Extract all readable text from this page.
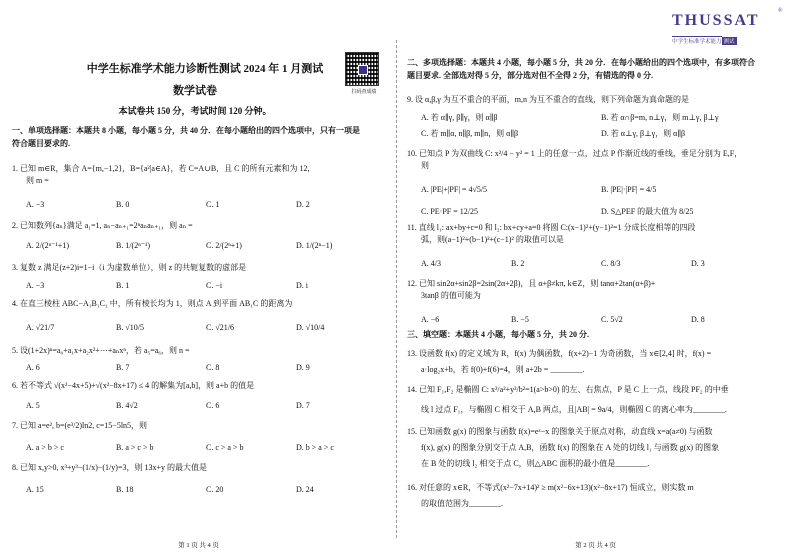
中学生标准学术能力诊断性测试 2024 年 1 月测试
扫码查成绩
数学试卷
本试卷共 150 分，考试时间 120 分钟。
一、单项选择题：本题共 8 小题，每小题 5 分，共 40 分．在每小题给出的四个选项中，只有一项是
符合题目要求的.
1. 已知 m∈R，集合 A={m,−1,2}，B={a²|a∈A}，若 C=A∪B，且 C 的所有元素和为 12,
则 m =
A. −3	B. 0	C. 1	D. 2
2. 已知数列{aₙ}满足 a₁=1, aₙ−aₙ₊₁=2ⁿaₙaₙ₊₁，则 aₙ =
A. 2/(2ⁿ⁻¹+1)	B. 1/(2ⁿ⁻¹)	C. 2/(2ⁿ+1)	D. 1/(2ⁿ−1)
3. 复数 z 满足(z+2)i=1−i（i 为虚数单位），则 z 的共轭复数的虚部是
A. −3	B. 1	C. −i	D. i
4. 在直三棱柱 ABC−A₁B₁C₁ 中，所有棱长均为 1，则点 A 到平面 AB₁C 的距离为
A. √21/7	B. √10/5	C. √21/6	D. √10/4
5. 设(1+2x)ⁿ=a₀+a₁x+a₂x²+⋯+aₙxⁿ，若 a₅=a₆，则 n =
A. 6	B. 7	C. 8	D. 9
6. 若不等式 √(x²−4x+5)+√(x²−8x+17) ≤ 4 的解集为[a,b]，则 a+b 的值是
A. 5	B. 4√2	C. 6	D. 7
7. 已知 a=e², b=(e³/2)ln2, c=15−5ln5，则
A. a > b > c	B. a > c > b	C. c > a > b	D. b > a > c
8. 已知 x,y>0, x³+y³−(1/x)−(1/y)=3，则 13x+y 的最大值是
A. 15	B. 18	C. 20	D. 24
第 1 页 共 4 页
二、多项选择题：本题共 4 小题，每小题 5 分，共 20 分．在每小题给出的四个选项中，有多项符合
题目要求. 全部选对得 5 分，部分选对但不全得 2 分，有错选的得 0 分.
9. 设 α,β,γ 为互不重合的平面，m,n 为互不重合的直线，则下列命题为真命题的是
A. 若 α∥γ, β∥γ，则 α∥β	B. 若 α∩β=m, n⊥γ，则 m⊥γ, β⊥γ
C. 若 m∥α, n∥β, m∥n，则 α∥β	D. 若 α⊥γ, β⊥γ，则 α∥β
10. 已知点 P 为双曲线 C: x²/4 − y² = 1 上的任意一点，过点 P 作渐近线的垂线，垂足分别为 E,F，
则
A. |PE|+|PF| = 4√5/5	B. |PE|·|PF| = 4/5
C. PE·PF = 12/25	D. S△PEF 的最大值为 8/25
11. 直线 l₁: ax+by+c=0 和 l₂: bx+cy+a=0 将圆 C:(x−1)²+(y−1)²=1 分成长度相等的四段
弧，则(a−1)²+(b−1)²+(c−1)² 的取值可以是
A. 4/3	B. 2	C. 8/3	D. 3
12. 已知 sin2α+sin2β=2sin(2α+2β)，且 α+β≠kπ, k∈Z，则 tanα+2tan(α+β)+
3tanβ 的值可能为
A. −6	B. −5	C. 5√2	D. 8
三、填空题：本题共 4 小题，每小题 5 分，共 20 分.
13. 设函数 f(x) 的定义域为 R，f(x) 为偶函数，f(x+2)−1 为奇函数，当 x∈[2,4] 时，f(x) =
a·log₂x+b，若 f(0)+f(6)=4，则 a+2b = ________.
14. 已知 F₁,F₂ 是椭圆 C: x²/a²+y²/b²=1(a>b>0) 的左、右焦点，P 是 C 上一点，线段 PF₂ 的中垂
线 l 过点 F₁，与椭圆 C 相交于 A,B 两点，且|AB| = 9a/4，则椭圆 C 的离心率为________.
15. 已知函数 g(x) 的图象与函数 f(x)=eˣ−x 的图象关于原点对称，动直线 x=a(a≠0) 与函数
f(x), g(x) 的图象分别交于点 A,B，函数 f(x) 的图象在 A 处的切线 l₁ 与函数 g(x) 的图象
在 B 处的切线 l₂ 相交于点 C，则△ABC 面积的最小值是________.
16. 对任意的 x∈R，不等式(x²−7x+14)² ≥ m(x²−6x+13)(x²−8x+17) 恒成立，则实数 m
的取值范围为________.
第 2 页 共 4 页
THUSSAT
中学生标准学术能力 测试
®
